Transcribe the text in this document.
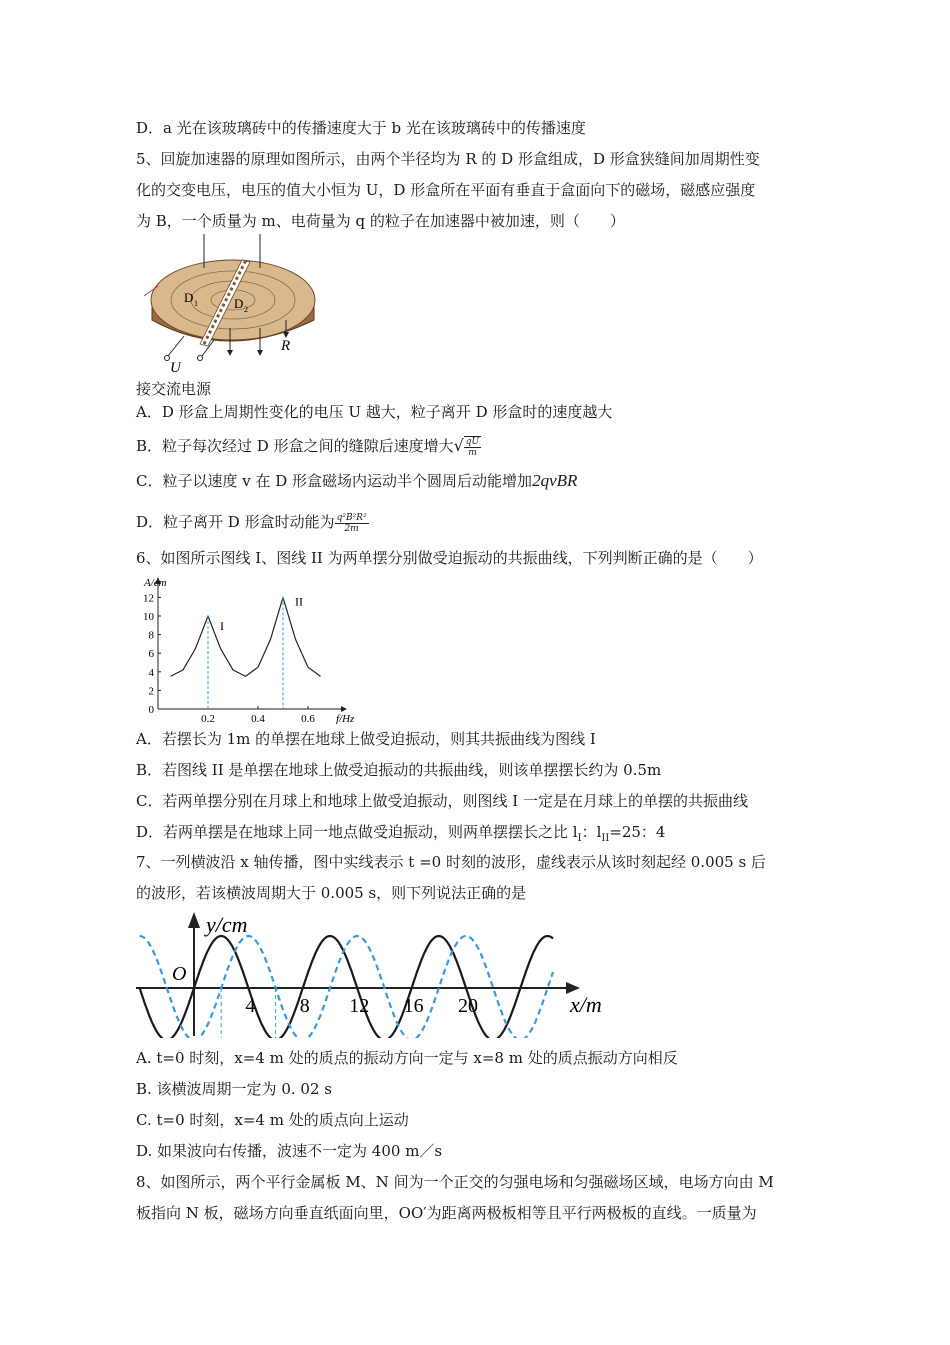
D．a 光在该玻璃砖中的传播速度大于 b 光在该玻璃砖中的传播速度
5、回旋加速器的原理如图所示，由两个半径均为 R 的 D 形盒组成，D 形盒狭缝间加周期性变
化的交变电压，电压的值大小恒为 U，D 形盒所在平面有垂直于盒面向下的磁场，磁感应强度
为 B，一个质量为 m、电荷量为 q 的粒子在加速器中被加速，则（　　）
D 1	D 2
U
R
接交流电源
A．D 形盒上周期性变化的电压 U 越大，粒子离开 D 形盒时的速度越大
B．粒子每次经过 D 形盒之间的缝隙后速度增大√ $\frac{qU}{m}$
C．粒子以速度 v 在 D 形盒磁场内运动半个圆周后动能增加2qvBR
D．粒子离开 D 形盒时动能为 $\frac{\text{q²B²R²}}{2m}$
6、如图所示图线 I、图线 II 为两单摆分别做受迫振动的共振曲线，下列判断正确的是（　　）
A/cm
f/Hz
0
2
4
6
8
10
12
0.2	0.4	0.6
I
II
A．若摆长为 1m 的单摆在地球上做受迫振动，则其共振曲线为图线 I
B．若图线 II 是单摆在地球上做受迫振动的共振曲线，则该单摆摆长约为 0.5m
C．若两单摆分别在月球上和地球上做受迫振动，则图线 I 一定是在月球上的单摆的共振曲线
D．若两单摆是在地球上同一地点做受迫振动，则两单摆摆长之比 $l_I$：$l_{II}=25$：4
7、一列横波沿 x 轴传播，图中实线表示 t =0 时刻的波形，虚线表示从该时刻起经 0.005 s 后
的波形，若该横波周期大于 0.005 s，则下列说法正确的是
y/cm
x/m
O
4 8 12 16 20
A. t=0 时刻，x=4 m 处的质点的振动方向一定与 x=8 m 处的质点振动方向相反
B. 该横波周期一定为 0. 02 s
C. t=0 时刻，x=4 m 处的质点向上运动
D. 如果波向右传播，波速不一定为 400 m／s
8、如图所示，两个平行金属板 M、N 间为一个正交的匀强电场和匀强磁场区域，电场方向由 M
板指向 N 板，磁场方向垂直纸面向里，OO′为距离两极板相等且平行两极板的直线。一质量为
